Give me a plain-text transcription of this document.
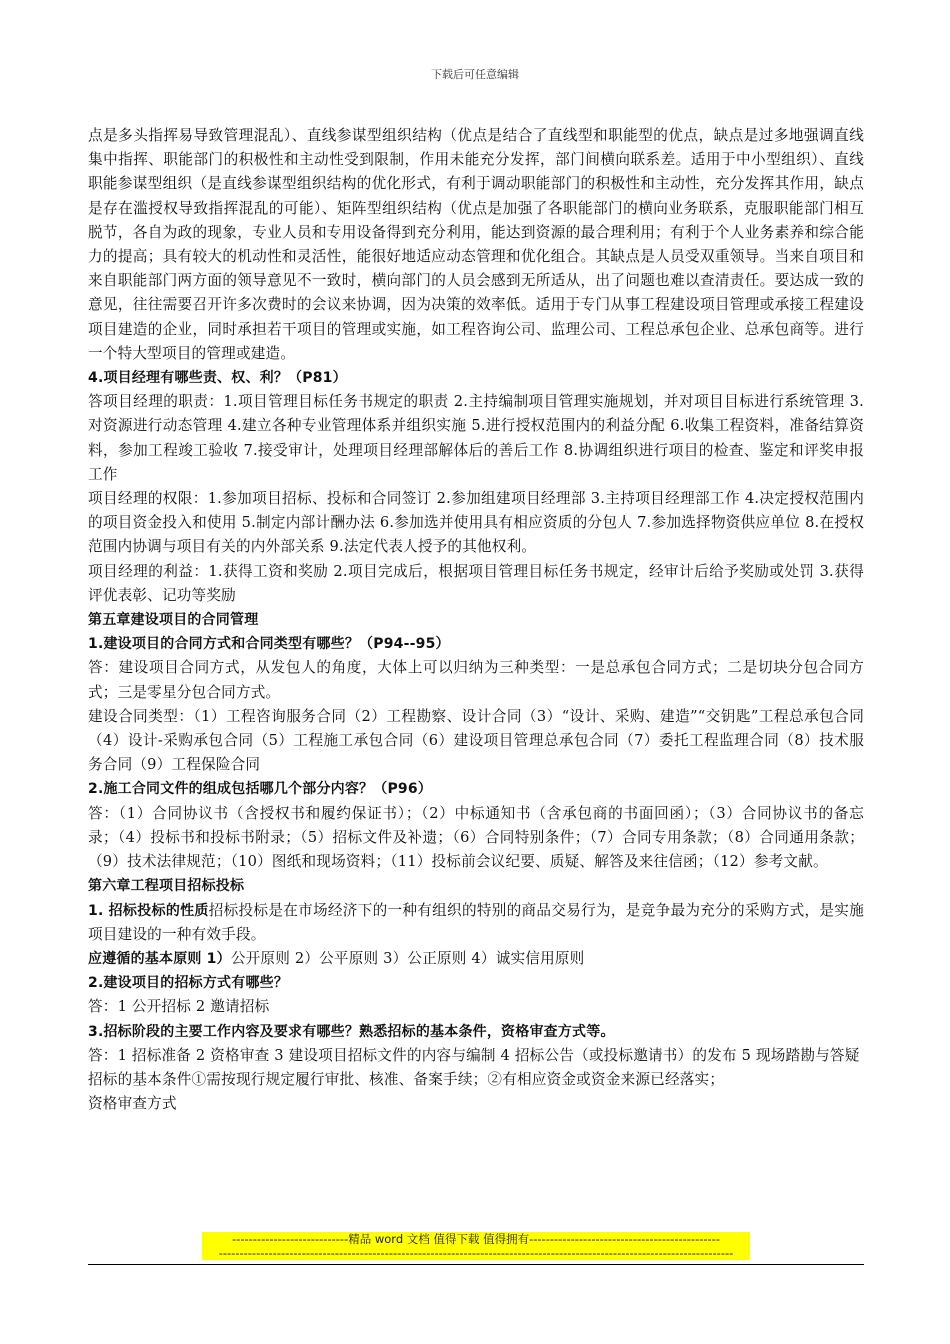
下载后可任意编辑

点是多头指挥易导致管理混乱）、直线参谋型组织结构（优点是结合了直线型和职能型的优点，缺点是过多地强调直线集中指挥、职能部门的积极性和主动性受到限制，作用未能充分发挥，部门间横向联系差。适用于中小型组织）、直线职能参谋型组织（是直线参谋型组织结构的优化形式，有利于调动职能部门的积极性和主动性，充分发挥其作用，缺点是存在滥授权导致指挥混乱的可能）、矩阵型组织结构（优点是加强了各职能部门的横向业务联系，克服职能部门相互脱节，各自为政的现象，专业人员和专用设备得到充分利用，能达到资源的最合理利用；有利于个人业务素养和综合能力的提高；具有较大的机动性和灵活性，能很好地适应动态管理和优化组合。其缺点是人员受双重领导。当来自项目和来自职能部门两方面的领导意见不一致时，横向部门的人员会感到无所适从，出了问题也难以查清责任。要达成一致的意见，往往需要召开许多次费时的会议来协调，因为决策的效率低。适用于专门从事工程建设项目管理或承接工程建设项目建造的企业，同时承担若干项目的管理或实施，如工程咨询公司、监理公司、工程总承包企业、总承包商等。进行一个特大型项目的管理或建造。

4.项目经理有哪些责、权、利？（P81）

答项目经理的职责：1.项目管理目标任务书规定的职责 2.主持编制项目管理实施规划，并对项目目标进行系统管理 3.对资源进行动态管理 4.建立各种专业管理体系并组织实施 5.进行授权范围内的利益分配 6.收集工程资料，准备结算资料，参加工程竣工验收 7.接受审计，处理项目经理部解体后的善后工作 8.协调组织进行项目的检查、鉴定和评奖申报工作

项目经理的权限：1.参加项目招标、投标和合同签订 2.参加组建项目经理部 3.主持项目经理部工作 4.决定授权范围内的项目资金投入和使用 5.制定内部计酬办法 6.参加选并使用具有相应资质的分包人 7.参加选择物资供应单位 8.在授权范围内协调与项目有关的内外部关系 9.法定代表人授予的其他权利。

项目经理的利益：1.获得工资和奖励 2.项目完成后，根据项目管理目标任务书规定，经审计后给予奖励或处罚 3.获得评优表彰、记功等奖励

第五章建设项目的合同管理

1.建设项目的合同方式和合同类型有哪些？（P94--95）

答：建设项目合同方式，从发包人的角度，大体上可以归纳为三种类型：一是总承包合同方式；二是切块分包合同方式；三是零星分包合同方式。

建设合同类型：（1）工程咨询服务合同（2）工程勘察、设计合同（3）“设计、采购、建造”“交钥匙”工程总承包合同（4）设计-采购承包合同（5）工程施工承包合同（6）建设项目管理总承包合同（7）委托工程监理合同（8）技术服务合同（9）工程保险合同

2.施工合同文件的组成包括哪几个部分内容？（P96）

答：（1）合同协议书（含授权书和履约保证书）；（2）中标通知书（含承包商的书面回函）；（3）合同协议书的备忘录；（4）投标书和投标书附录；（5）招标文件及补遗；（6）合同特别条件；（7）合同专用条款；（8）合同通用条款；（9）技术法律规范；（10）图纸和现场资料；（11）投标前会议纪要、质疑、解答及来往信函；（12）参考文献。

第六章工程项目招标投标

1. 招标投标的性质招标投标是在市场经济下的一种有组织的特别的商品交易行为，是竞争最为充分的采购方式，是实施项目建设的一种有效手段。

应遵循的基本原则 1）公开原则 2）公平原则 3）公正原则 4）诚实信用原则

2.建设项目的招标方式有哪些？

答：1 公开招标 2 邀请招标

3.招标阶段的主要工作内容及要求有哪些？熟悉招标的基本条件，资格审查方式等。

答：1 招标准备 2 资格审查 3 建设项目招标文件的内容与编制 4 招标公告（或投标邀请书）的发布 5 现场踏勘与答疑

招标的基本条件①需按现行规定履行审批、核准、备案手续；②有相应资金或资金来源已经落实；

资格审查方式

----------------------------精品 word 文档 值得下载 值得拥有----------------------------------------------
----------------------------------------------------------------------------------------------------------------------------
